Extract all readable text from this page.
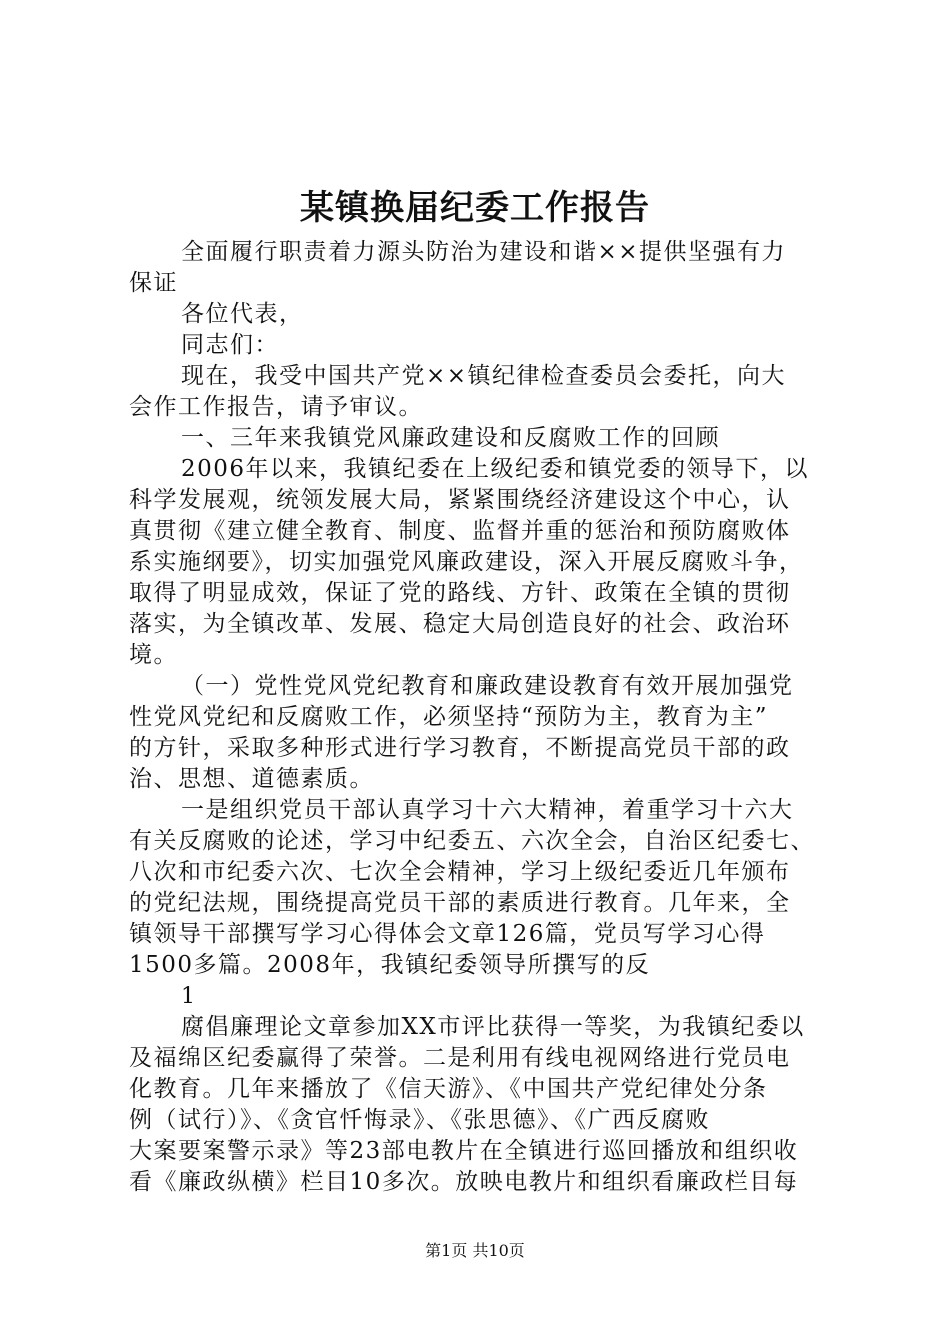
某镇换届纪委工作报告

全面履行职责着力源头防治为建设和谐××提供坚强有力

保证

各位代表，

同志们：

现在，我受中国共产党××镇纪律检查委员会委托，向大

会作工作报告，请予审议。

一、三年来我镇党风廉政建设和反腐败工作的回顾

2006年以来，我镇纪委在上级纪委和镇党委的领导下，以

科学发展观，统领发展大局，紧紧围绕经济建设这个中心，认

真贯彻《建立健全教育、制度、监督并重的惩治和预防腐败体

系实施纲要》，切实加强党风廉政建设，深入开展反腐败斗争，

取得了明显成效，保证了党的路线、方针、政策在全镇的贯彻

落实，为全镇改革、发展、稳定大局创造良好的社会、政治环

境。

（一）党性党风党纪教育和廉政建设教育有效开展加强党

性党风党纪和反腐败工作，必须坚持“预防为主，教育为主”

的方针，采取多种形式进行学习教育，不断提高党员干部的政

治、思想、道德素质。

一是组织党员干部认真学习十六大精神，着重学习十六大

有关反腐败的论述，学习中纪委五、六次全会，自治区纪委七、

八次和市纪委六次、七次全会精神，学习上级纪委近几年颁布

的党纪法规，围绕提高党员干部的素质进行教育。几年来，全

镇领导干部撰写学习心得体会文章126篇，党员写学习心得

1500多篇。2008年，我镇纪委领导所撰写的反

1

腐倡廉理论文章参加XX市评比获得一等奖，为我镇纪委以

及福绵区纪委赢得了荣誉。二是利用有线电视网络进行党员电

化教育。几年来播放了《信天游》、《中国共产党纪律处分条

例（试行）》、《贪官忏悔录》、《张思德》、《广西反腐败

大案要案警示录》等23部电教片在全镇进行巡回播放和组织收

看《廉政纵横》栏目10多次。放映电教片和组织看廉政栏目每

第1页 共10页
